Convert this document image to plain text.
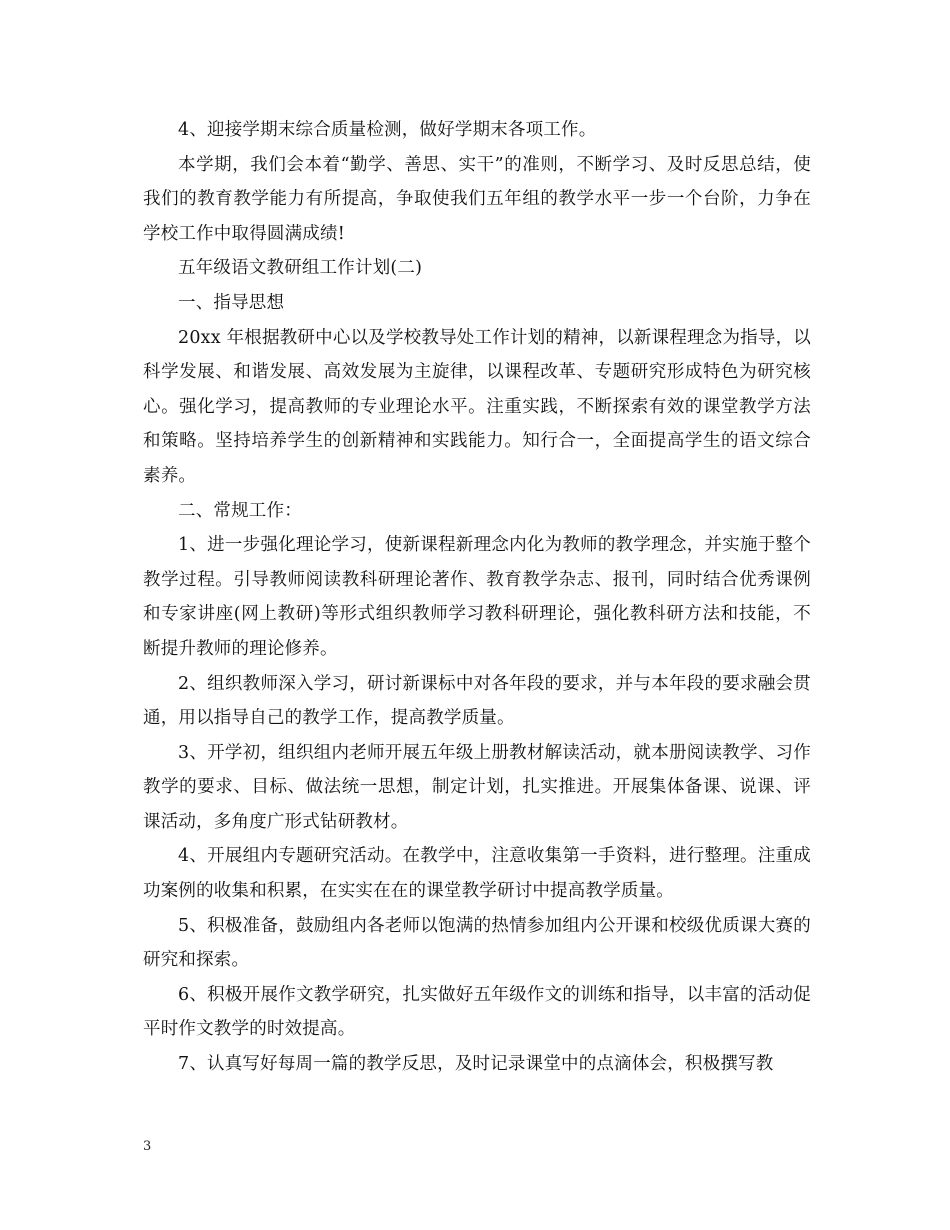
4、迎接学期末综合质量检测，做好学期末各项工作。

本学期，我们会本着“勤学、善思、实干”的准则，不断学习、及时反思总结，使我们的教育教学能力有所提高，争取使我们五年组的教学水平一步一个台阶，力争在学校工作中取得圆满成绩!

五年级语文教研组工作计划(二)

一、指导思想

20xx 年根据教研中心以及学校教导处工作计划的精神，以新课程理念为指导，以科学发展、和谐发展、高效发展为主旋律，以课程改革、专题研究形成特色为研究核心。强化学习，提高教师的专业理论水平。注重实践，不断探索有效的课堂教学方法和策略。坚持培养学生的创新精神和实践能力。知行合一，全面提高学生的语文综合素养。

二、常规工作：

1、进一步强化理论学习，使新课程新理念内化为教师的教学理念，并实施于整个教学过程。引导教师阅读教科研理论著作、教育教学杂志、报刊，同时结合优秀课例和专家讲座(网上教研)等形式组织教师学习教科研理论，强化教科研方法和技能，不断提升教师的理论修养。

2、组织教师深入学习，研讨新课标中对各年段的要求，并与本年段的要求融会贯通，用以指导自己的教学工作，提高教学质量。

3、开学初，组织组内老师开展五年级上册教材解读活动，就本册阅读教学、习作教学的要求、目标、做法统一思想，制定计划，扎实推进。开展集体备课、说课、评课活动，多角度广形式钻研教材。

4、开展组内专题研究活动。在教学中，注意收集第一手资料，进行整理。注重成功案例的收集和积累，在实实在在的课堂教学研讨中提高教学质量。

5、积极准备，鼓励组内各老师以饱满的热情参加组内公开课和校级优质课大赛的研究和探索。

6、积极开展作文教学研究，扎实做好五年级作文的训练和指导，以丰富的活动促平时作文教学的时效提高。

7、认真写好每周一篇的教学反思，及时记录课堂中的点滴体会，积极撰写教

3
